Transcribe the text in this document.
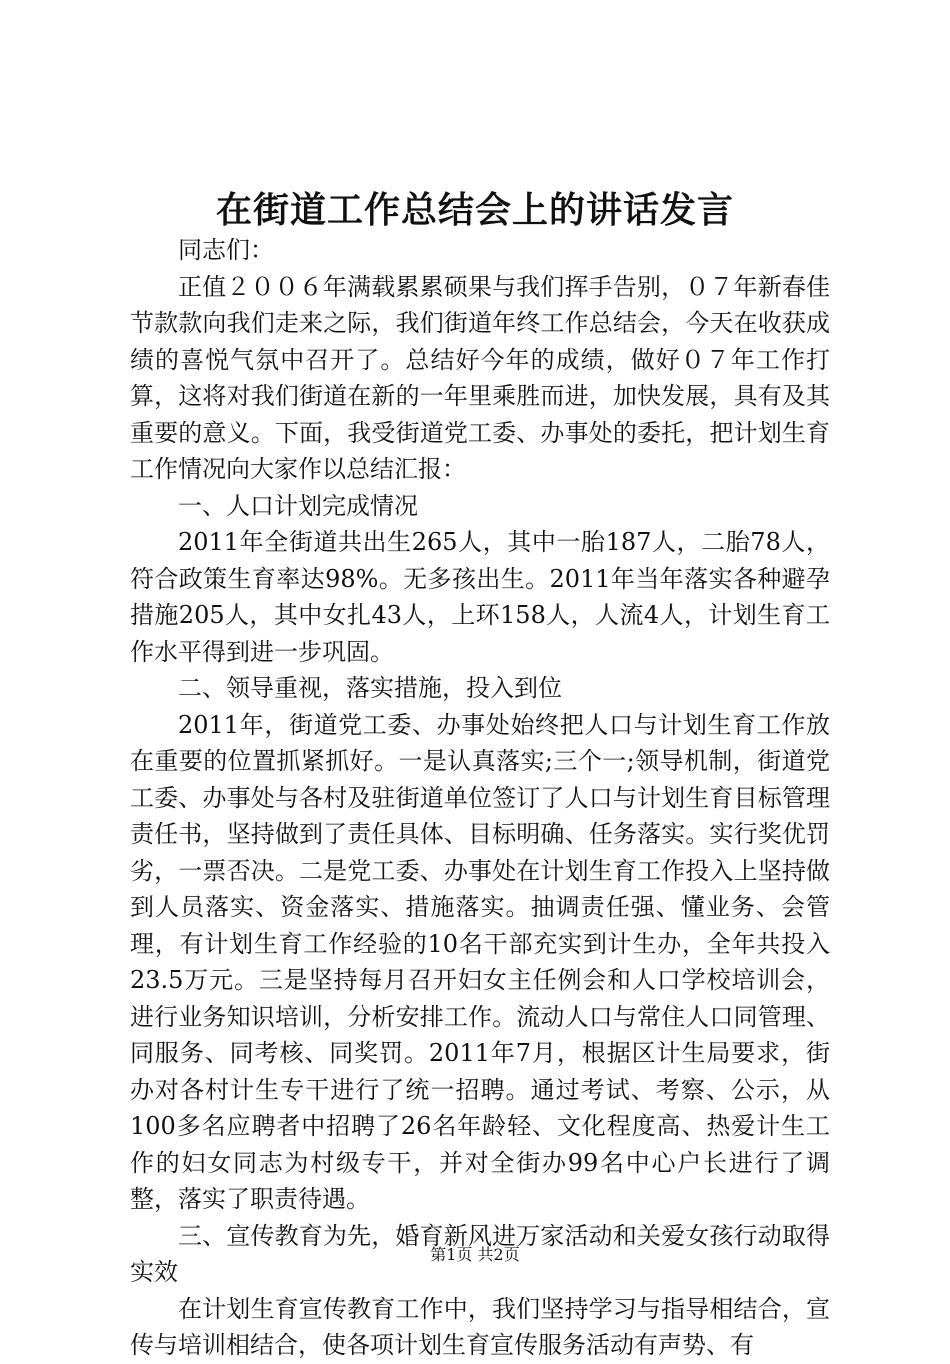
在街道工作总结会上的讲话发言

同志们：

正值２００６年满载累累硕果与我们挥手告别，０７年新春佳节款款向我们走来之际，我们街道年终工作总结会，今天在收获成绩的喜悦气氛中召开了。总结好今年的成绩，做好０７年工作打算，这将对我们街道在新的一年里乘胜而进，加快发展，具有及其重要的意义。下面，我受街道党工委、办事处的委托，把计划生育工作情况向大家作以总结汇报：

一、人口计划完成情况

2011年全街道共出生265人，其中一胎187人，二胎78人，符合政策生育率达98%。无多孩出生。2011年当年落实各种避孕措施205人，其中女扎43人，上环158人，人流4人，计划生育工作水平得到进一步巩固。

二、领导重视，落实措施，投入到位

2011年，街道党工委、办事处始终把人口与计划生育工作放在重要的位置抓紧抓好。一是认真落实;三个一;领导机制，街道党工委、办事处与各村及驻街道单位签订了人口与计划生育目标管理责任书，坚持做到了责任具体、目标明确、任务落实。实行奖优罚劣，一票否决。二是党工委、办事处在计划生育工作投入上坚持做到人员落实、资金落实、措施落实。抽调责任强、懂业务、会管理，有计划生育工作经验的10名干部充实到计生办，全年共投入23.5万元。三是坚持每月召开妇女主任例会和人口学校培训会，进行业务知识培训，分析安排工作。流动人口与常住人口同管理、同服务、同考核、同奖罚。2011年7月，根据区计生局要求，街办对各村计生专干进行了统一招聘。通过考试、考察、公示，从100多名应聘者中招聘了26名年龄轻、文化程度高、热爱计生工作的妇女同志为村级专干，并对全街办99名中心户长进行了调整，落实了职责待遇。

三、宣传教育为先，婚育新风进万家活动和关爱女孩行动取得实效

在计划生育宣传教育工作中，我们坚持学习与指导相结合，宣传与培训相结合，使各项计划生育宣传服务活动有声势、有

第1页 共2页
